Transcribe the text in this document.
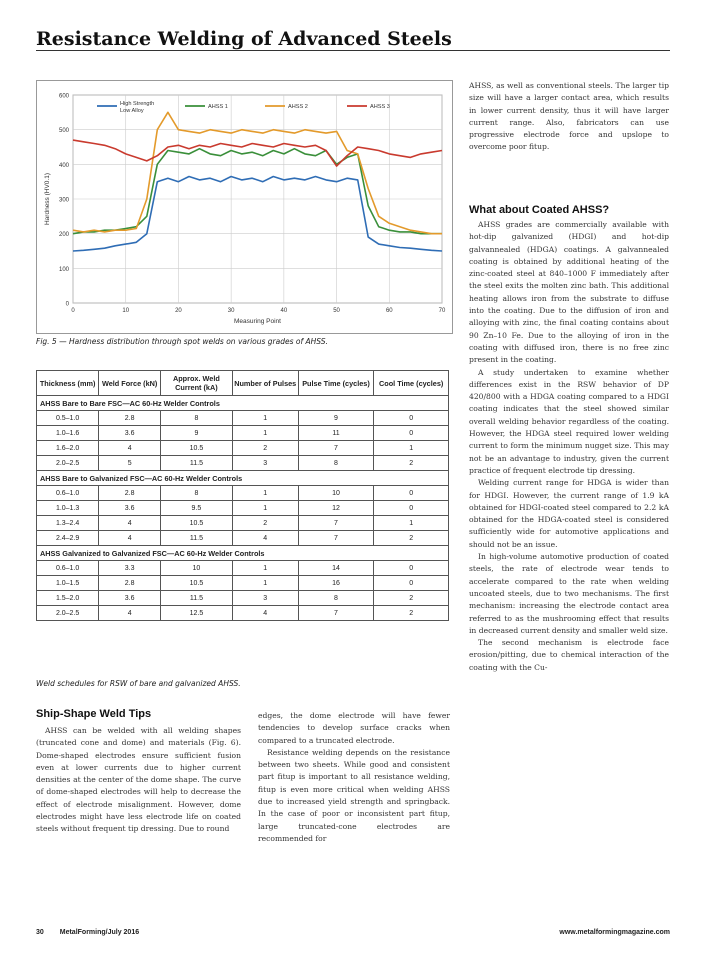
Resistance Welding of Advanced Steels
0
100
200
300
400
500
600
0	10	20	30	40	50	60	70
Measuring Point
Hardness (HV0.1)
High Strength
Low Alloy
AHSS 1	AHSS 2	AHSS 3
Fig. 5 — Hardness distribution through spot welds on various grades of AHSS.
Thickness (mm)	Weld Force (kN)	Approx. Weld Current (kA)	Number of Pulses	Pulse Time (cycles)	Cool Time (cycles)
AHSS Bare to Bare FSC—AC 60-Hz Welder Controls					
0.5–1.0	2.8	8	1	9	0
1.0–1.6	3.6	9	1	11	0
1.6–2.0	4	10.5	2	7	1
2.0–2.5	5	11.5	3	8	2
AHSS Bare to Galvanized FSC—AC 60-Hz Welder Controls					
0.6–1.0	2.8	8	1	10	0
1.0–1.3	3.6	9.5	1	12	0
1.3–2.4	4	10.5	2	7	1
2.4–2.9	4	11.5	4	7	2
AHSS Galvanized to Galvanized FSC—AC 60-Hz Welder Controls					
0.6–1.0	3.3	10	1	14	0
1.0–1.5	2.8	10.5	1	16	0
1.5–2.0	3.6	11.5	3	8	2
2.0–2.5	4	12.5	4	7	2
Weld schedules for RSW of bare and galvanized AHSS.
Ship-Shape Weld Tips

AHSS can be welded with all welding shapes (truncated cone and dome) and materials (Fig. 6). Dome-shaped electrodes ensure sufficient fusion even at lower currents due to higher current densities at the center of the dome shape. The curve of dome-shaped electrodes will help to decrease the effect of electrode misalignment. However, dome electrodes might have less electrode life on coated steels without frequent tip dressing. Due to round

edges, the dome electrode will have fewer tendencies to develop surface cracks when compared to a truncated electrode.

Resistance welding depends on the resistance between two sheets. While good and consistent part fitup is important to all resistance welding, fitup is even more critical when welding AHSS due to increased yield strength and springback. In the case of poor or inconsistent part fitup, large truncated-cone electrodes are recommended for

AHSS, as well as conventional steels. The larger tip size will have a larger contact area, which results in lower current density, thus it will have larger current range. Also, fabricators can use progressive electrode force and upslope to overcome poor fitup.

What about Coated AHSS?

AHSS grades are commercially available with hot-dip galvanized (HDGI) and hot-dip galvannealed (HDGA) coatings. A galvannealed coating is obtained by additional heating of the zinc-coated steel at 840–1000 F immediately after the steel exits the molten zinc bath. This additional heating allows iron from the substrate to diffuse into the coating. Due to the diffusion of iron and alloying with zinc, the final coating contains about 90 Zn–10 Fe. Due to the alloying of iron in the coating with diffused iron, there is no free zinc present in the coating.

A study undertaken to examine whether differences exist in the RSW behavior of DP 420/800 with a HDGA coating compared to a HDGI coating indicates that the steel showed similar overall welding behavior regardless of the coating. However, the HDGA steel required lower welding current to form the minimum nugget size. This may not be an advantage to industry, given the current practice of frequent electrode tip dressing.

Welding current range for HDGA is wider than for HDGI. However, the current range of 1.9 kA obtained for HDGI-coated steel compared to 2.2 kA obtained for the HDGA-coated steel is considered sufficiently wide for automotive applications and should not be an issue.

In high-volume automotive production of coated steels, the rate of electrode wear tends to accelerate compared to the rate when welding uncoated steels, due to two mechanisms. The first mechanism: increasing the electrode contact area referred to as the mushrooming effect that results in decreased current density and smaller weld size.

The second mechanism is electrode face erosion/pitting, due to chemical interaction of the coating with the Cu-

30 MetalForming/July 2016	www.metalformingmagazine.com
